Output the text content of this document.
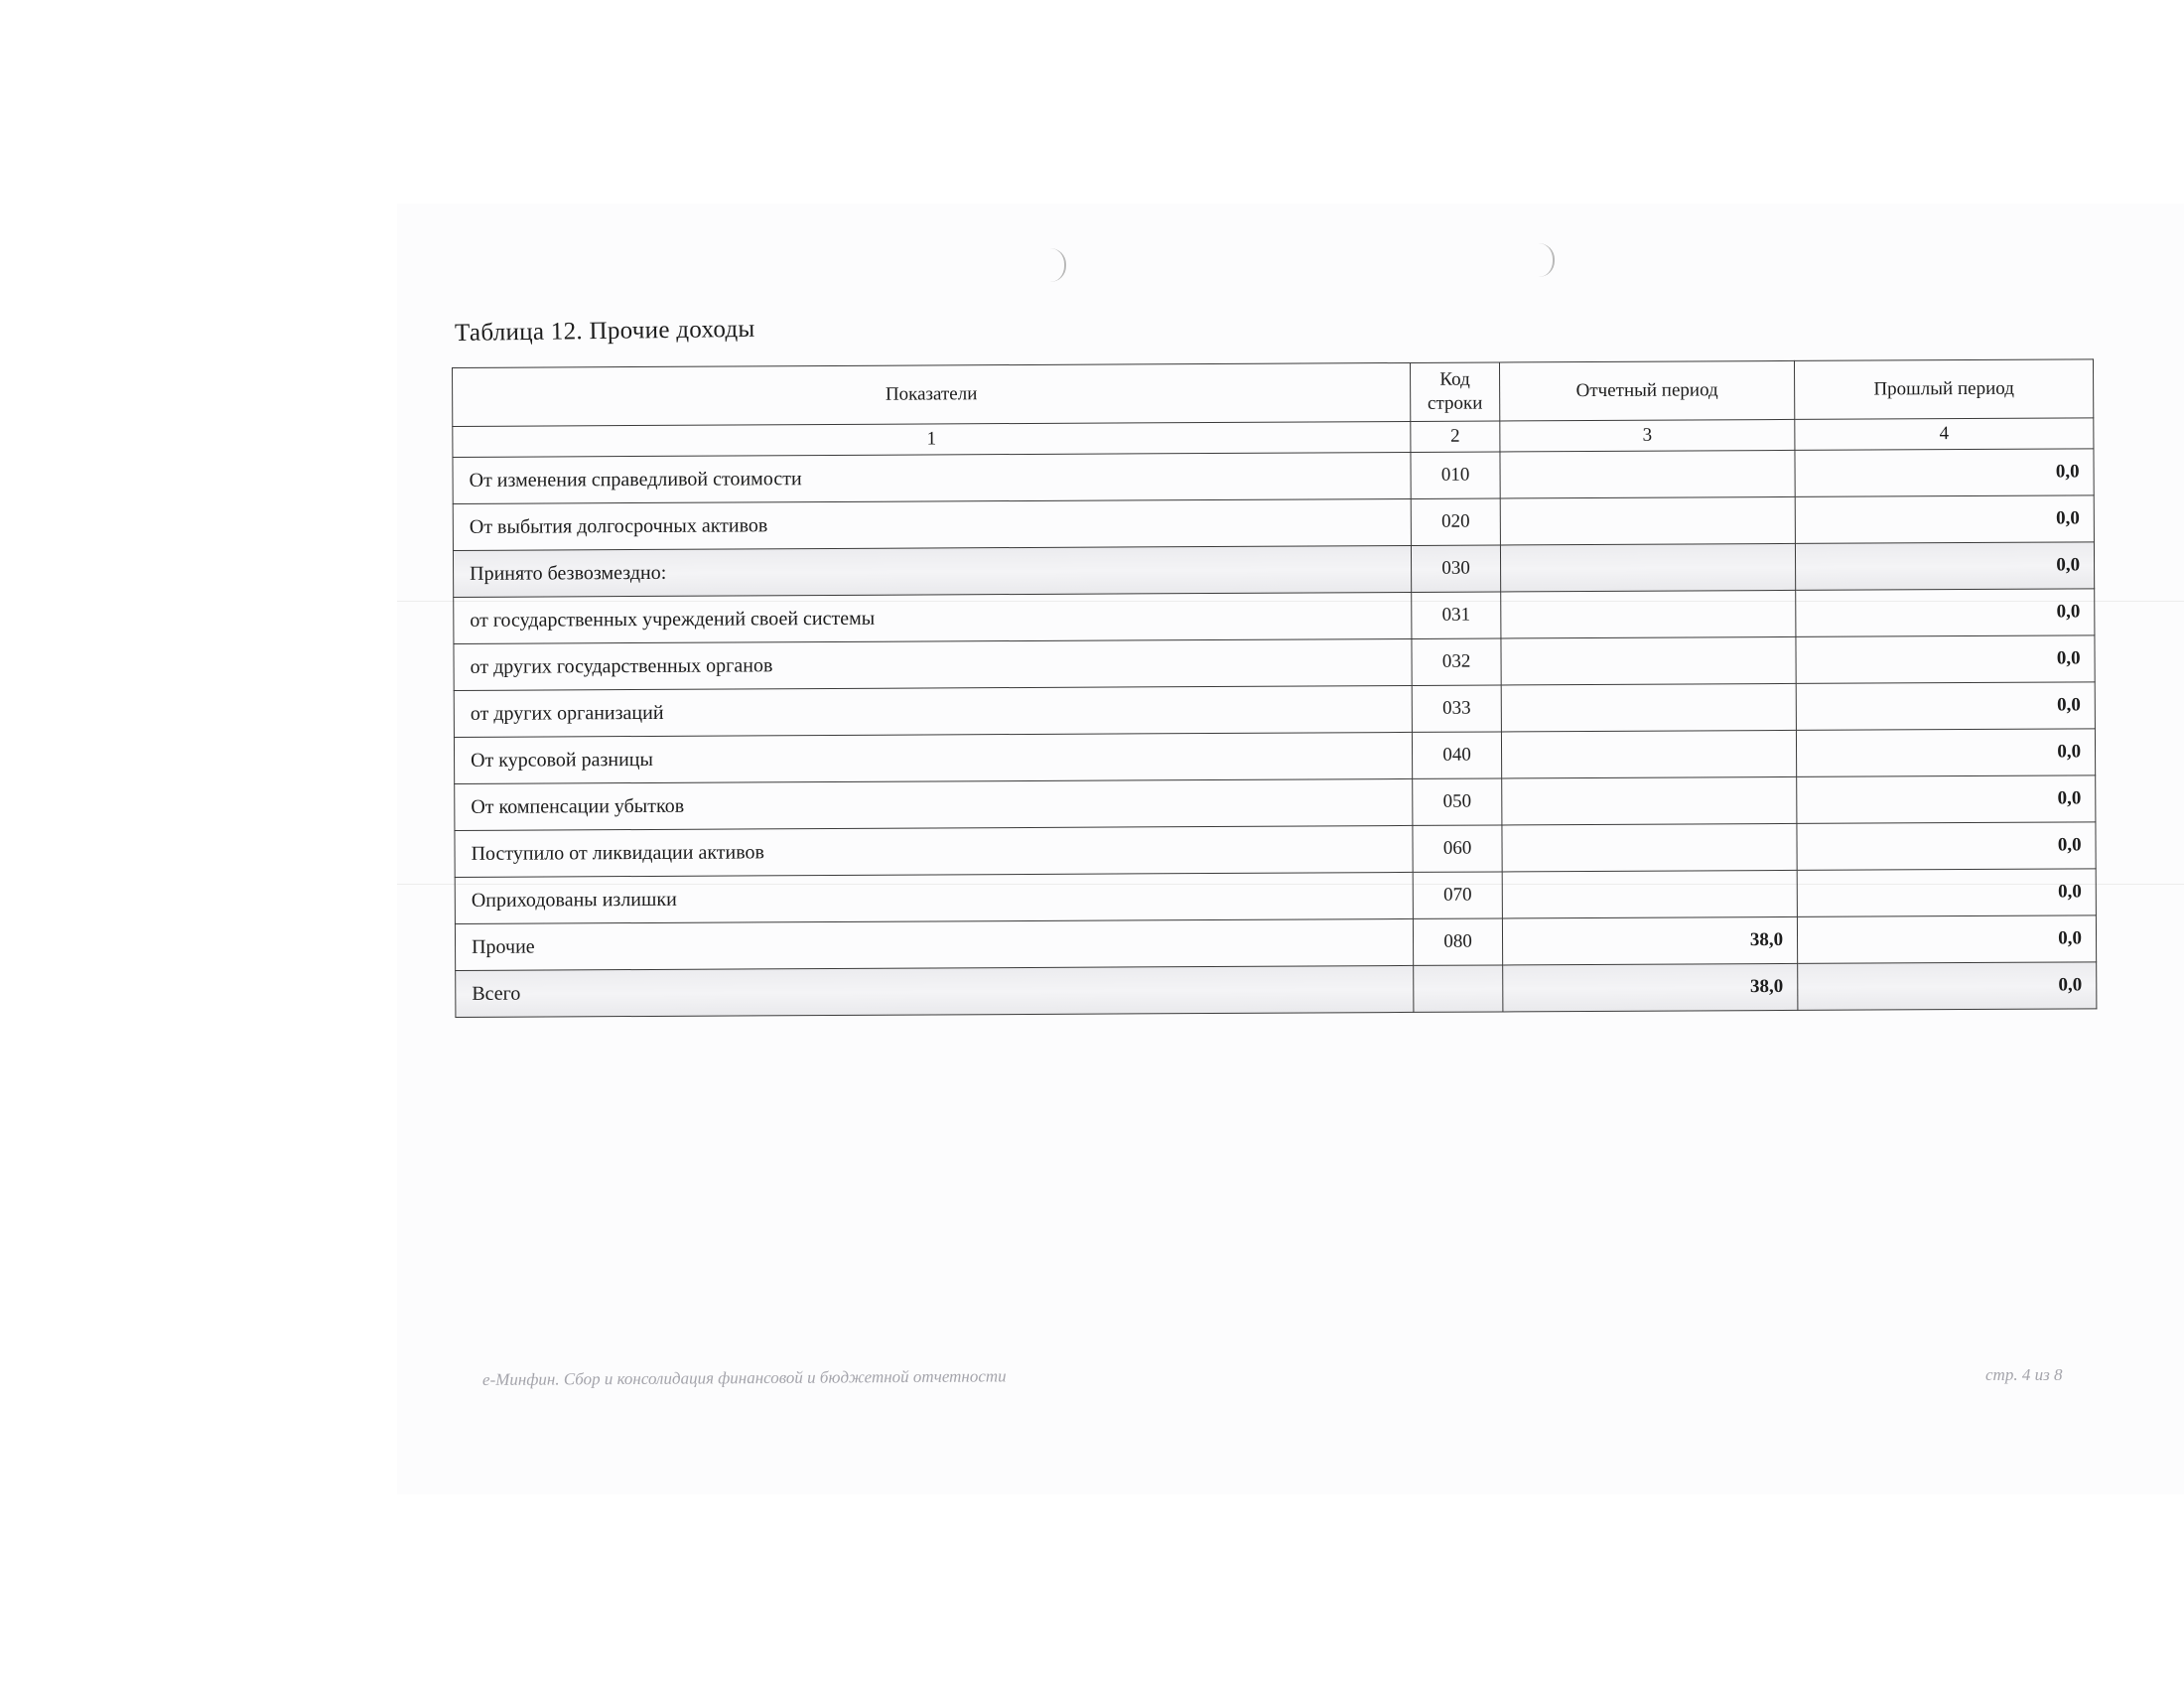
Таблица 12. Прочие доходы
Показатели	Код строки	Отчетный период	Прошлый период
1	2	3	4
От изменения справедливой стоимости	010		0,0
От выбытия долгосрочных активов	020		0,0
Принято безвозмездно:	030		0,0
от государственных учреждений своей системы	031		0,0
от других государственных органов	032		0,0
от других организаций	033		0,0
От курсовой разницы	040		0,0
От компенсации убытков	050		0,0
Поступило от ликвидации активов	060		0,0
Оприходованы излишки	070		0,0
Прочие	080	38,0	0,0
Всего		38,0	0,0
e-Минфин. Сбор и консолидация финансовой и бюджетной отчетности	стр. 4 из 8
